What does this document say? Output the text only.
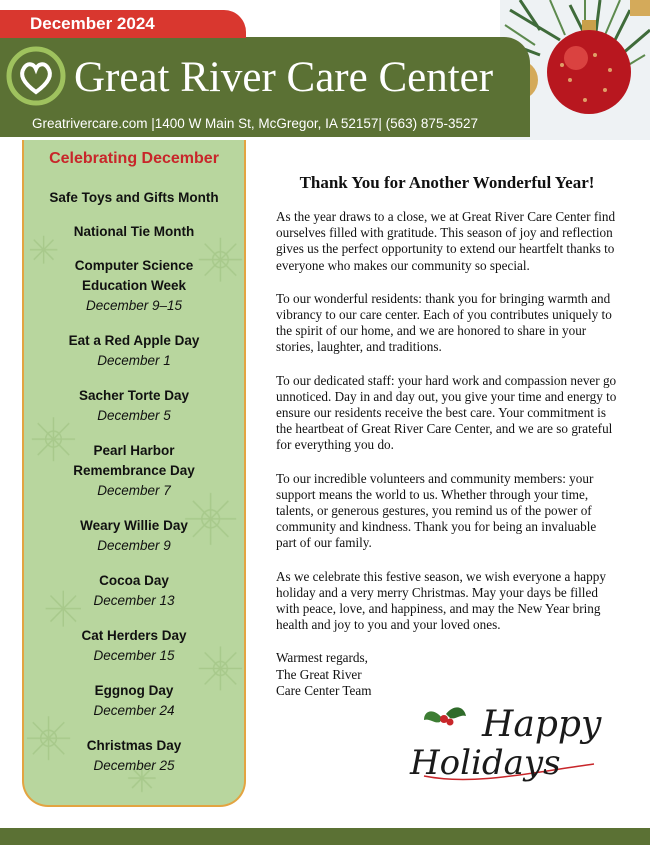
December 2024
Great River Care Center
Greatrivercare.com |1400 W Main St, McGregor, IA 52157| (563) 875-3527
Celebrating December
Safe Toys and Gifts Month
National Tie Month
Computer Science Education Week
December 9–15
Eat a Red Apple Day
December 1
Sacher Torte Day
December 5
Pearl Harbor Remembrance Day
December 7
Weary Willie Day
December 9
Cocoa Day
December 13
Cat Herders Day
December 15
Eggnog Day
December 24
Christmas Day
December 25
Thank You for Another Wonderful Year!
As the year draws to a close, we at Great River Care Center find ourselves filled with gratitude. This season of joy and reflection gives us the perfect opportunity to extend our heartfelt thanks to everyone who makes our community so special.
To our wonderful residents: thank you for bringing warmth and vibrancy to our care center. Each of you contributes uniquely to the spirit of our home, and we are honored to share in your stories, laughter, and traditions.
To our dedicated staff: your hard work and compassion never go unnoticed. Day in and day out, you give your time and energy to ensure our residents receive the best care. Your commitment is the heartbeat of Great River Care Center, and we are so grateful for everything you do.
To our incredible volunteers and community members: your support means the world to us. Whether through your time, talents, or generous gestures, you remind us of the power of community and kindness. Thank you for being an invaluable part of our family.
As we celebrate this festive season, we wish everyone a happy holiday and a very merry Christmas. May your days be filled with peace, love, and happiness, and may the New Year bring health and joy to you and your loved ones.
Warmest regards,
The Great River
Care Center Team
Happy
Holidays
